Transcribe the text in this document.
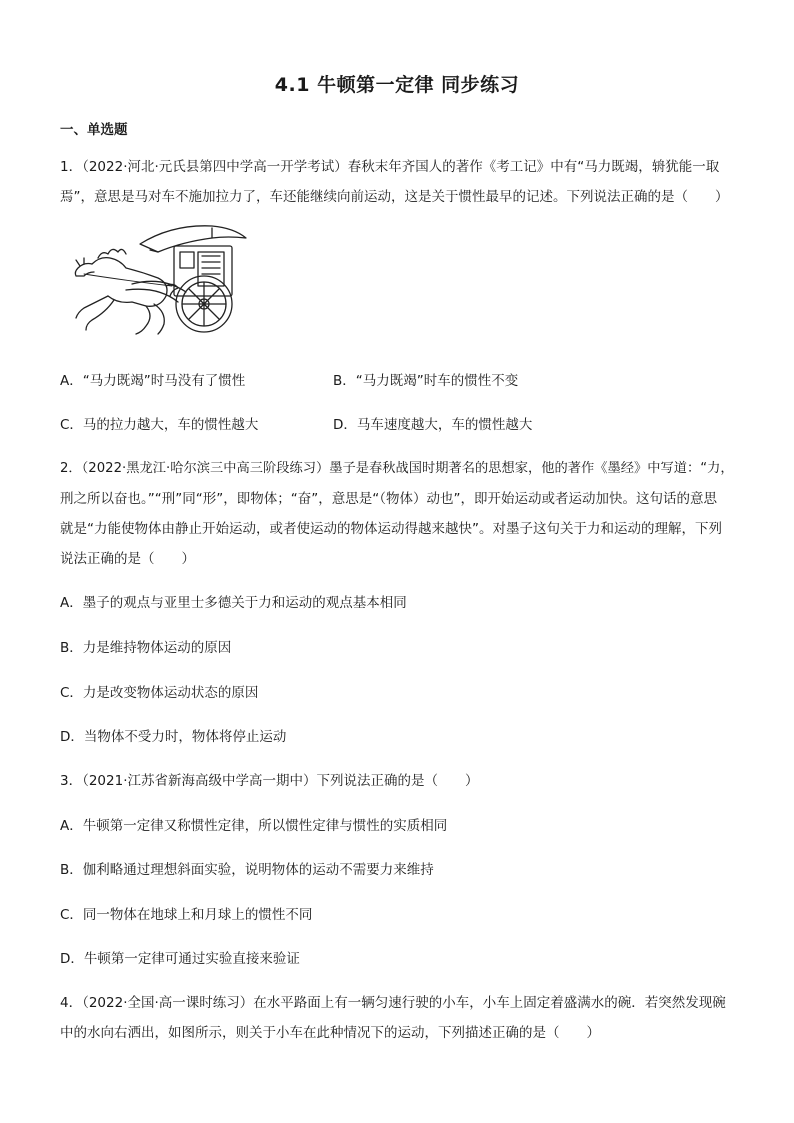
4.1 牛顿第一定律 同步练习
一、单选题
1．（2022·河北·元氏县第四中学高一开学考试）春秋末年齐国人的著作《考工记》中有“马力既竭，辀犹能一取
焉”，意思是马对车不施加拉力了，车还能继续向前运动，这是关于惯性最早的记述。下列说法正确的是（　　）
A．“马力既竭”时马没有了惯性	B．“马力既竭”时车的惯性不变
C．马的拉力越大，车的惯性越大	D．马车速度越大，车的惯性越大
2．（2022·黑龙江·哈尔滨三中高三阶段练习）墨子是春秋战国时期著名的思想家，他的著作《墨经》中写道：“力，
刑之所以奋也。”“刑”同“形”，即物体；“奋”，意思是“（物体）动也”，即开始运动或者运动加快。这句话的意思
就是“力能使物体由静止开始运动，或者使运动的物体运动得越来越快”。对墨子这句关于力和运动的理解，下列
说法正确的是（　　）
A．墨子的观点与亚里士多德关于力和运动的观点基本相同
B．力是维持物体运动的原因
C．力是改变物体运动状态的原因
D．当物体不受力时，物体将停止运动
3．（2021·江苏省新海高级中学高一期中）下列说法正确的是（　　）
A．牛顿第一定律又称惯性定律，所以惯性定律与惯性的实质相同
B．伽利略通过理想斜面实验，说明物体的运动不需要力来维持
C．同一物体在地球上和月球上的惯性不同
D．牛顿第一定律可通过实验直接来验证
4．（2022·全国·高一课时练习）在水平路面上有一辆匀速行驶的小车，小车上固定着盛满水的碗．若突然发现碗
中的水向右洒出，如图所示，则关于小车在此种情况下的运动，下列描述正确的是（　　）
